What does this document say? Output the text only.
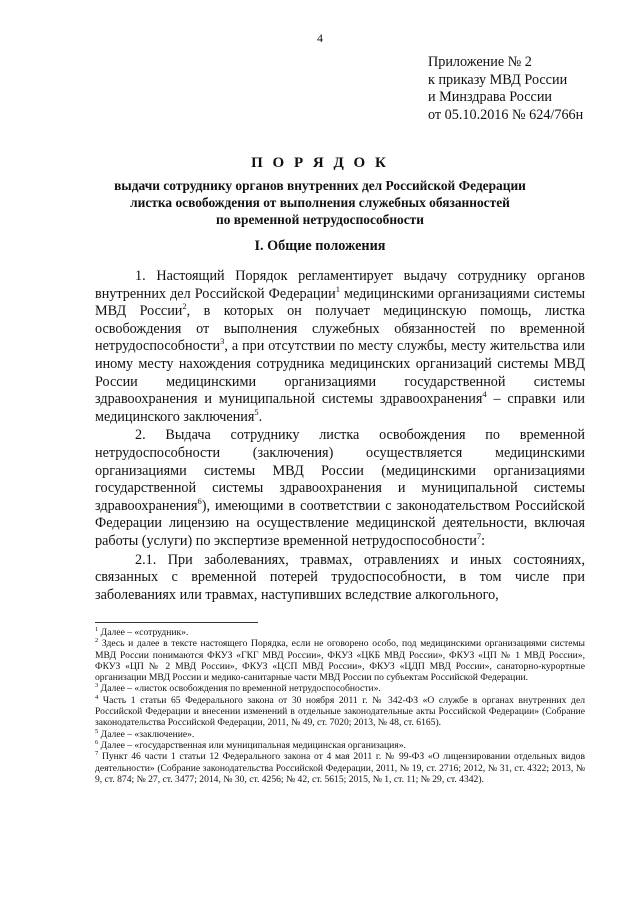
4
Приложение № 2
к приказу МВД России
и Минздрава России
от 05.10.2016 № 624/766н
П О Р Я Д О К
выдачи сотруднику органов внутренних дел Российской Федерации
листка освобождения от выполнения служебных обязанностей
по временной нетрудоспособности
I. Общие положения

1. Настоящий Порядок регламентирует выдачу сотруднику органов внутренних дел Российской Федерации$^1$ медицинскими организациями системы МВД России$^2$, в которых он получает медицинскую помощь, листка освобождения от выполнения служебных обязанностей по временной нетрудоспособности$^3$, а при отсутствии по месту службы, месту жительства или иному месту нахождения сотрудника медицинских организаций системы МВД России медицинскими организациями государственной системы здравоохранения и муниципальной системы здравоохранения$^4$ – справки или медицинского заключения$^5$.

2. Выдача сотруднику листка освобождения по временной нетрудоспособности (заключения) осуществляется медицинскими организациями системы МВД России (медицинскими организациями государственной системы здравоохранения и муниципальной системы здравоохранения$^6$), имеющими в соответствии с законодательством Российской Федерации лицензию на осуществление медицинской деятельности, включая работы (услуги) по экспертизе временной нетрудоспособности$^7$:

2.1. При заболеваниях, травмах, отравлениях и иных состояниях, связанных с временной потерей трудоспособности, в том числе при заболеваниях или травмах, наступивших вследствие алкогольного,

$^1$ Далее – «сотрудник».

$^2$ Здесь и далее в тексте настоящего Порядка, если не оговорено особо, под медицинскими организациями системы МВД России понимаются ФКУЗ «ГКГ МВД России», ФКУЗ «ЦКБ МВД России», ФКУЗ «ЦП № 1 МВД России», ФКУЗ «ЦП № 2 МВД России», ФКУЗ «ЦСП МВД России», ФКУЗ «ЦДП МВД России», санаторно-курортные организации МВД России и медико-санитарные части МВД России по субъектам Российской Федерации.

$^3$ Далее – «листок освобождения по временной нетрудоспособности».

$^4$ Часть 1 статьи 65 Федерального закона от 30 ноября 2011 г. № 342-ФЗ «О службе в органах внутренних дел Российской Федерации и внесении изменений в отдельные законодательные акты Российской Федерации» (Собрание законодательства Российской Федерации, 2011, № 49, ст. 7020; 2013, № 48, ст. 6165).

$^5$ Далее – «заключение».

$^6$ Далее – «государственная или муниципальная медицинская организация».

$^7$ Пункт 46 части 1 статьи 12 Федерального закона от 4 мая 2011 г. № 99-ФЗ «О лицензировании отдельных видов деятельности» (Собрание законодательства Российской Федерации, 2011, № 19, ст. 2716; 2012, № 31, ст. 4322; 2013, № 9, ст. 874; № 27, ст. 3477; 2014, № 30, ст. 4256; № 42, ст. 5615; 2015, № 1, ст. 11; № 29, ст. 4342).
